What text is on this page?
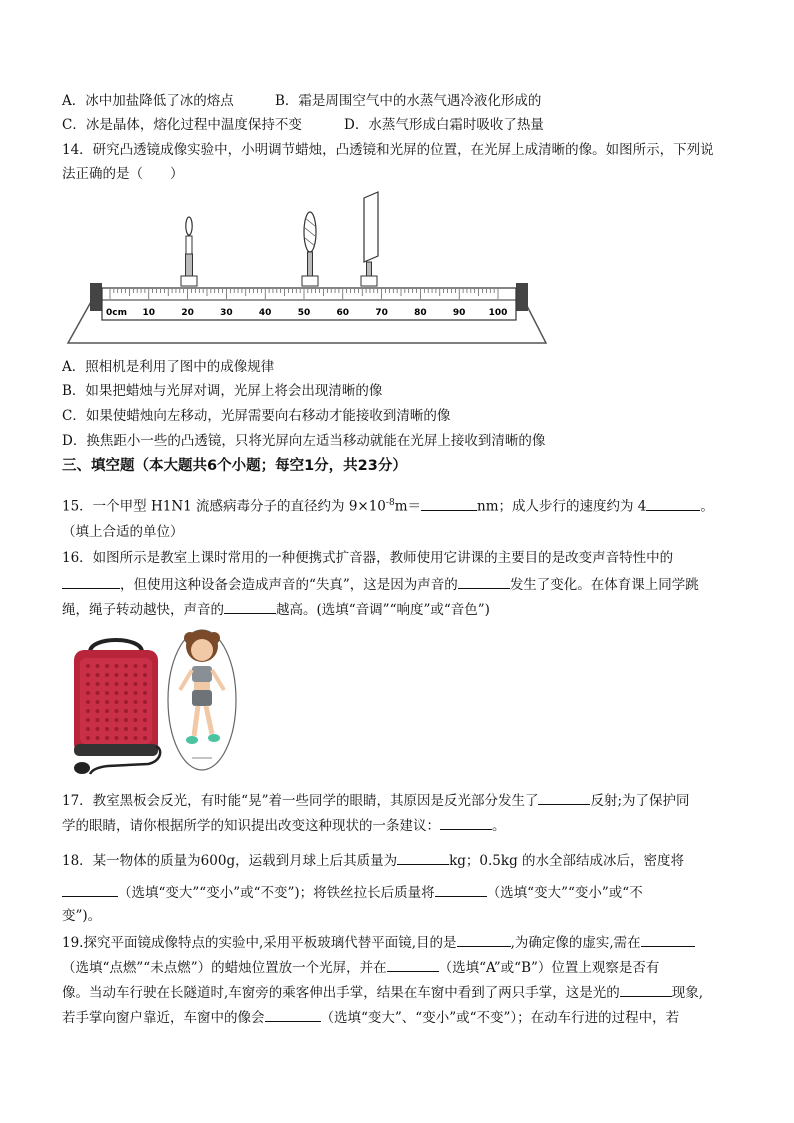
A．冰中加盐降低了冰的熔点	B．霜是周围空气中的水蒸气遇冷液化形成的
C．冰是晶体，熔化过程中温度保持不变	D．水蒸气形成白霜时吸收了热量
14．研究凸透镜成像实验中，小明调节蜡烛，凸透镜和光屏的位置，在光屏上成清晰的像。如图所示，下列说
法正确的是（　　）
0cm 10	20	30	40	50	60	70	80	90	100
A．照相机是利用了图中的成像规律
B．如果把蜡烛与光屏对调，光屏上将会出现清晰的像
C．如果使蜡烛向左移动，光屏需要向右移动才能接收到清晰的像
D．换焦距小一些的凸透镜，只将光屏向左适当移动就能在光屏上接收到清晰的像
三、填空题（本大题共6个小题；每空1分，共23分）
15．一个甲型 H1N1 流感病毒分子的直径约为 $9\times 10^{-8}m=$	nm；成人步行的速度约为 4	。
（填上合适的单位）
16．如图所示是教室上课时常用的一种便携式扩音器，教师使用它讲课的主要目的是改变声音特性中的
，但使用这种设备会造成声音的“失真”，这是因为声音的	发生了变化。在体育课上同学跳
绳，绳子转动越快，声音的	越高。(选填“音调”“响度”或“音色”)
17．教室黑板会反光，有时能“晃”着一些同学的眼睛，其原因是反光部分发生了	反射;为了保护同
学的眼睛，请你根据所学的知识提出改变这种现状的一条建议：	。
18．某一物体的质量为600g，运载到月球上后其质量为	kg；0.5kg 的水全部结成冰后，密度将
（选填“变大”“变小”或“不变”)；将铁丝拉长后质量将	（选填“变大”“变小”或“不
变”)。
19.探究平面镜成像特点的实验中,采用平板玻璃代替平面镜,目的是	,为确定像的虚实,需在
（选填“点燃”“未点燃”）的蜡烛位置放一个光屏，并在	（选填“A”或“B”）位置上观察是否有
像。当动车行驶在长隧道时,车窗旁的乘客伸出手掌，结果在车窗中看到了两只手掌，这是光的	现象,
若手掌向窗户靠近，车窗中的像会	（选填“变大”、“变小”或“不变”）；在动车行进的过程中，若
